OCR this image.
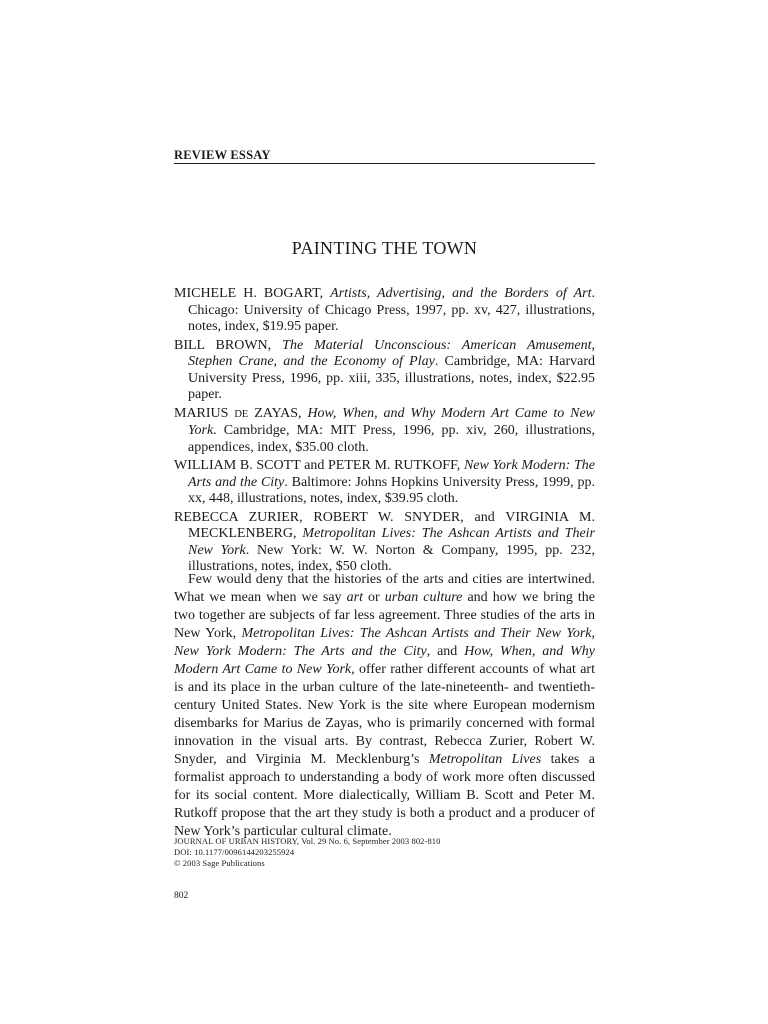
REVIEW ESSAY
PAINTING THE TOWN

MICHELE H. BOGART, Artists, Advertising, and the Borders of Art. Chicago: University of Chicago Press, 1997, pp. xv, 427, illustrations, notes, index, $19.95 paper.

BILL BROWN, The Material Unconscious: American Amusement, Stephen Crane, and the Economy of Play. Cambridge, MA: Harvard University Press, 1996, pp. xiii, 335, illustrations, notes, index, $22.95 paper.

MARIUS DE ZAYAS, How, When, and Why Modern Art Came to New York. Cambridge, MA: MIT Press, 1996, pp. xiv, 260, illustrations, appendices, index, $35.00 cloth.

WILLIAM B. SCOTT and PETER M. RUTKOFF, New York Modern: The Arts and the City. Baltimore: Johns Hopkins University Press, 1999, pp. xx, 448, illustrations, notes, index, $39.95 cloth.

REBECCA ZURIER, ROBERT W. SNYDER, and VIRGINIA M. MECKLENBERG, Metropolitan Lives: The Ashcan Artists and Their New York. New York: W. W. Norton & Company, 1995, pp. 232, illustrations, notes, index, $50 cloth.

Few would deny that the histories of the arts and cities are intertwined. What we mean when we say art or urban culture and how we bring the two together are subjects of far less agreement. Three studies of the arts in New York, Metropolitan Lives: The Ashcan Artists and Their New York, New York Modern: The Arts and the City, and How, When, and Why Modern Art Came to New York, offer rather different accounts of what art is and its place in the urban culture of the late-nineteenth- and twentieth-century United States. New York is the site where European modernism disembarks for Marius de Zayas, who is primarily concerned with formal innovation in the visual arts. By contrast, Rebecca Zurier, Robert W. Snyder, and Virginia M. Mecklenburg’s Metropolitan Lives takes a formalist approach to understanding a body of work more often discussed for its social content. More dialectically, William B. Scott and Peter M. Rutkoff propose that the art they study is both a product and a producer of New York’s particular cultural climate.

JOURNAL OF URBAN HISTORY, Vol. 29 No. 6, September 2003 802-810
DOI: 10.1177/0096144203255924
© 2003 Sage Publications
802
